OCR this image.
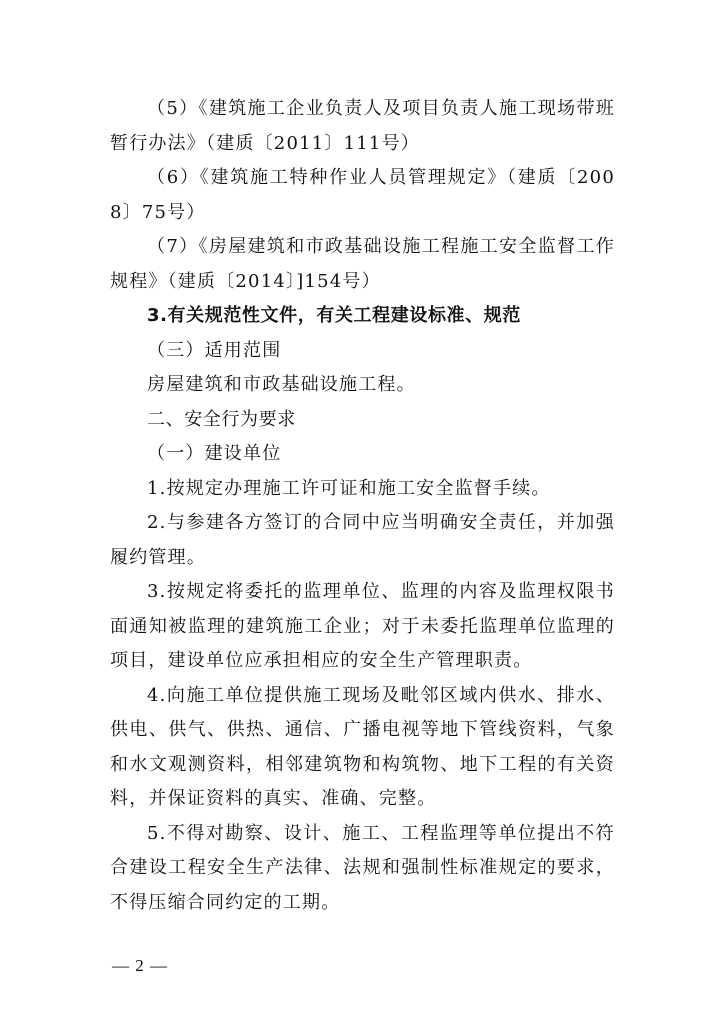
（5）《建筑施工企业负责人及项目负责人施工现场带班暂行办法》（建质〔2011〕111号）

（6）《建筑施工特种作业人员管理规定》（建质〔2008〕75号）

（7）《房屋建筑和市政基础设施工程施工安全监督工作规程》（建质〔2014〕]154号）

3.有关规范性文件，有关工程建设标准、规范

（三）适用范围

房屋建筑和市政基础设施工程。

二、安全行为要求

（一）建设单位

1.按规定办理施工许可证和施工安全监督手续。

2.与参建各方签订的合同中应当明确安全责任，并加强履约管理。

3.按规定将委托的监理单位、监理的内容及监理权限书面通知被监理的建筑施工企业；对于未委托监理单位监理的项目，建设单位应承担相应的安全生产管理职责。

4.向施工单位提供施工现场及毗邻区域内供水、排水、供电、供气、供热、通信、广播电视等地下管线资料，气象和水文观测资料，相邻建筑物和构筑物、地下工程的有关资料，并保证资料的真实、准确、完整。

5.不得对勘察、设计、施工、工程监理等单位提出不符合建设工程安全生产法律、法规和强制性标准规定的要求，不得压缩合同约定的工期。

— 2 —
